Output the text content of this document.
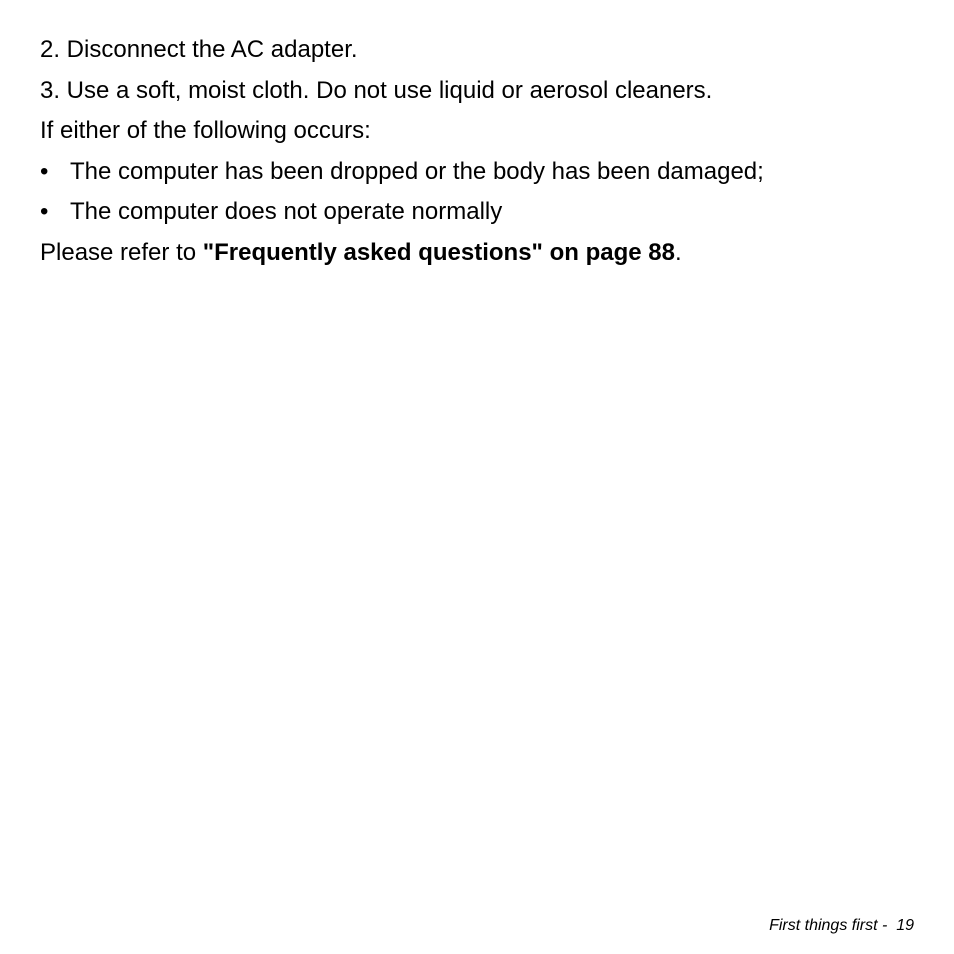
2. Disconnect the AC adapter.
3. Use a soft, moist cloth. Do not use liquid or aerosol cleaners.
If either of the following occurs:
• The computer has been dropped or the body has been damaged;
• The computer does not operate normally
Please refer to "Frequently asked questions" on page 88.
First things first -  19
